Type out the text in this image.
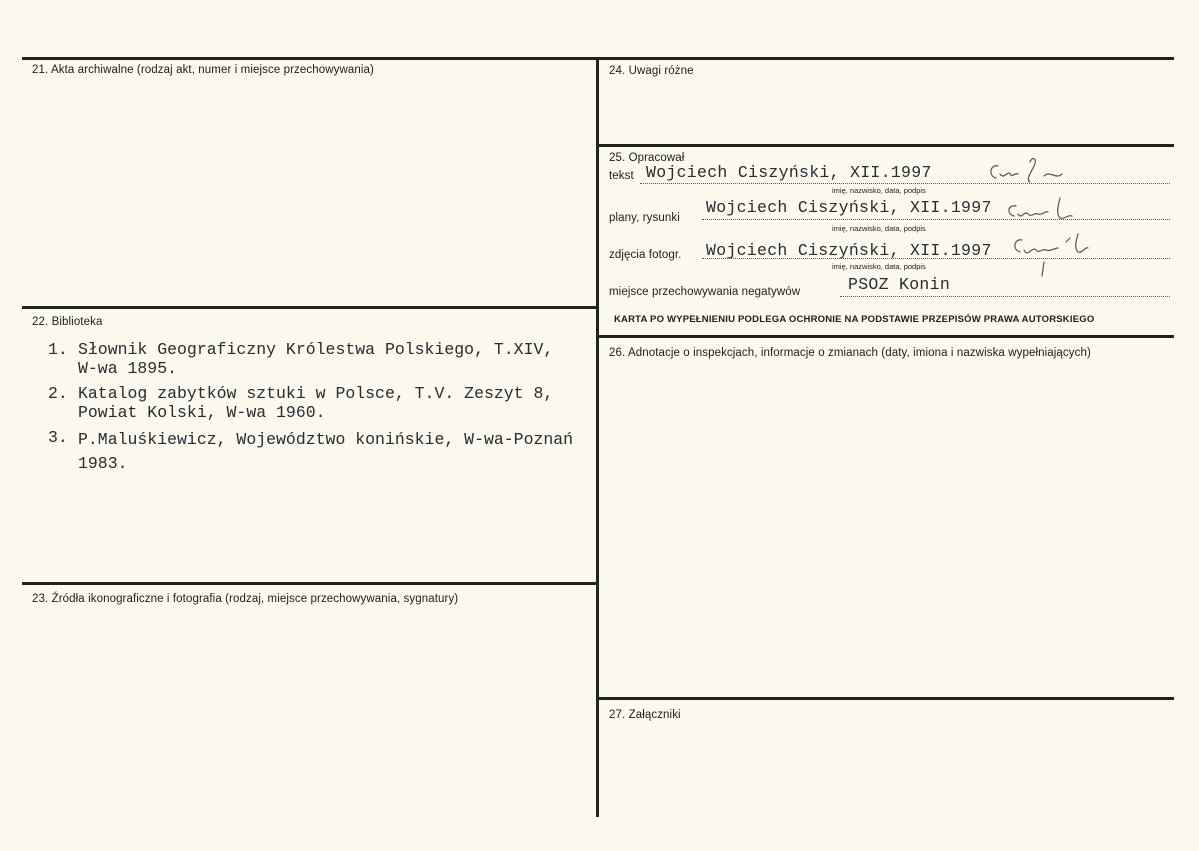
21. Akta archiwalne (rodzaj akt, numer i miejsce przechowywania)
22. Biblioteka
1. Słownik Geograficzny Królestwa Polskiego, T.XIV,
W-wa 1895.
2. Katalog zabytków sztuki w Polsce, T.V. Zeszyt 8,
Powiat Kolski, W-wa 1960.
3. P.Maluśkiewicz, Województwo konińskie, W-wa-Poznań
1983.
23. Źródła ikonograficzne i fotografia (rodzaj, miejsce przechowywania, sygnatury)
24. Uwagi różne
25. Opracował
tekst Wojciech Ciszyński, XII.1997
imię, nazwisko, data, podpis
plany, rysunki
Wojciech Ciszyński, XII.1997
imię, nazwisko, data, podpis
zdjęcia fotogr. Wojciech Ciszyński, XII.1997
imię, nazwisko, data, podpis
miejsce przechowywania negatywów	PSOZ Konin
KARTA PO WYPEŁNIENIU PODLEGA OCHRONIE NA PODSTAWIE PRZEPISÓW PRAWA AUTORSKIEGO
26. Adnotacje o inspekcjach, informacje o zmianach (daty, imiona i nazwiska wypełniających)
27. Załączniki
